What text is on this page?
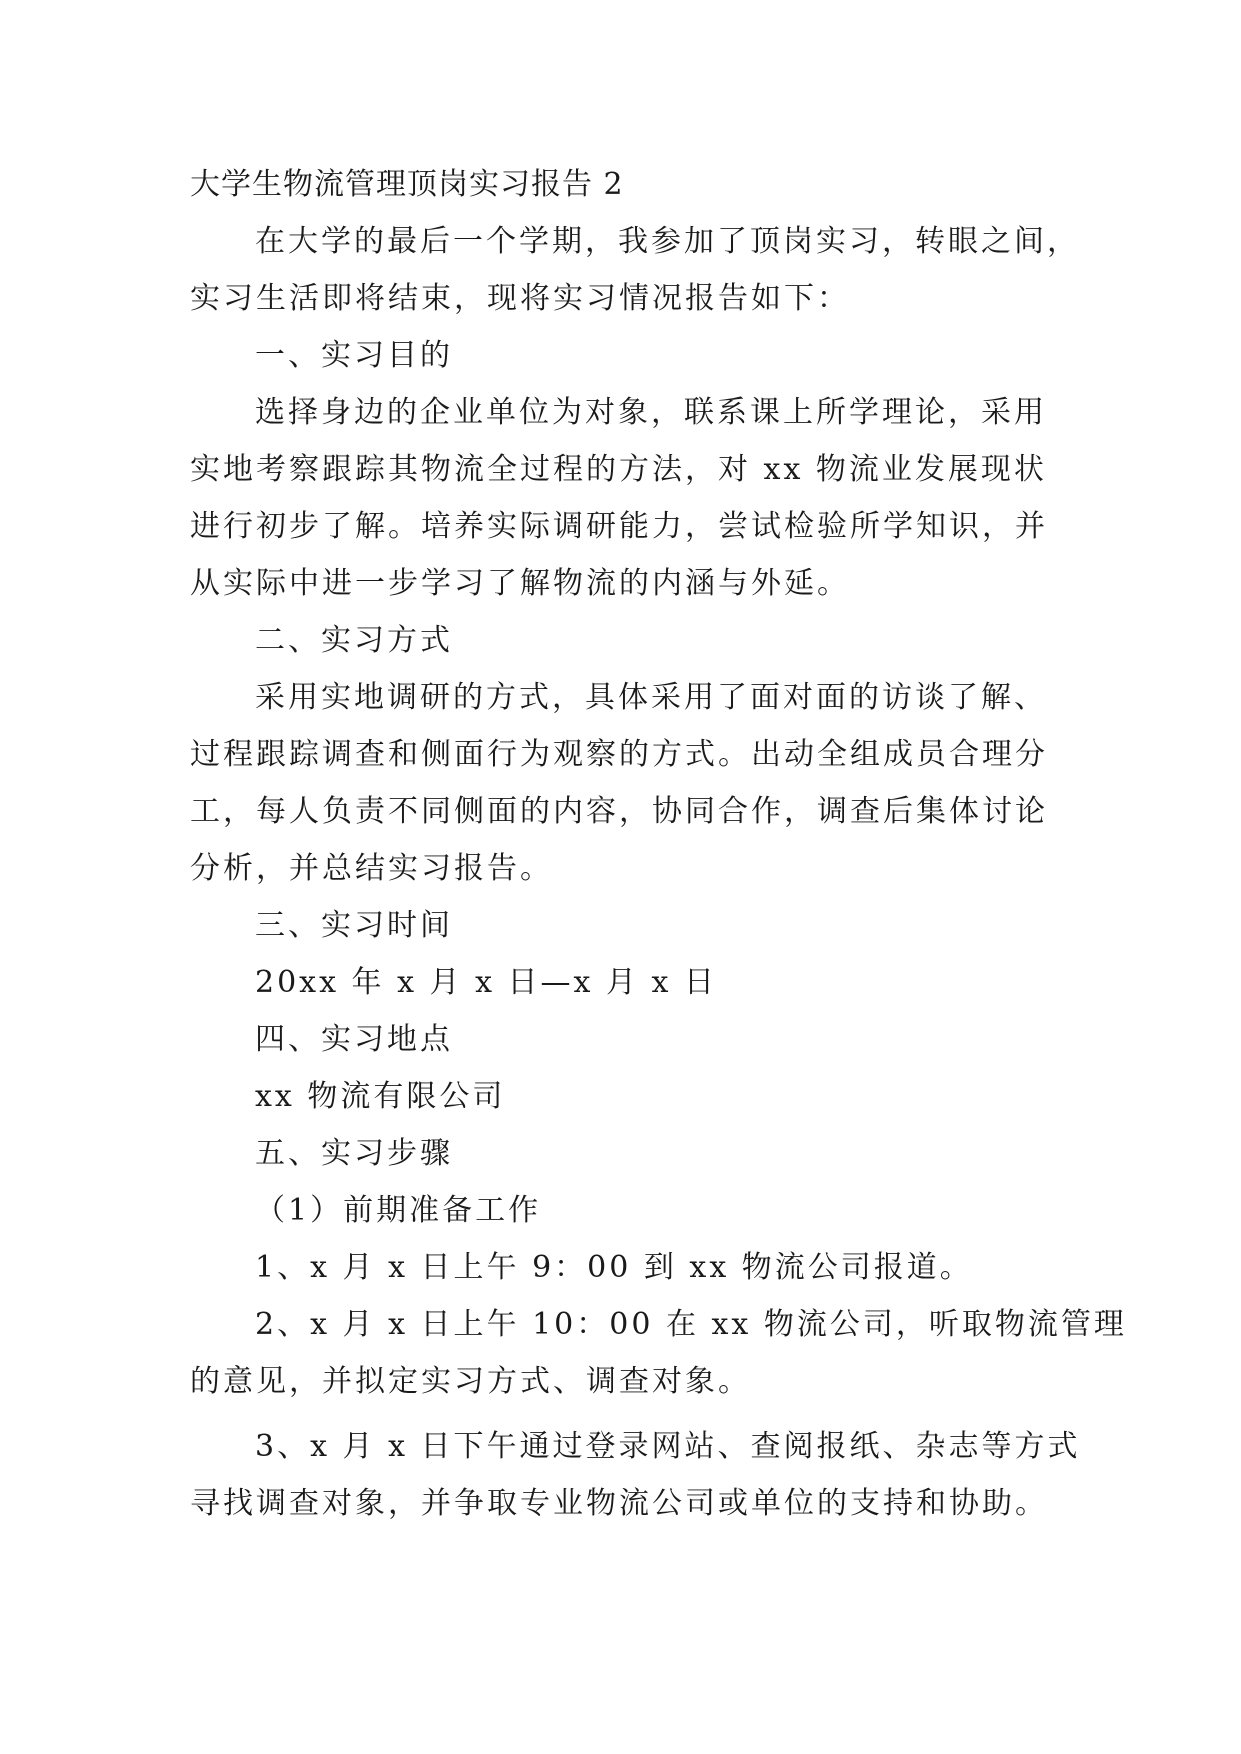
大学生物流管理顶岗实习报告 2
在大学的最后一个学期，我参加了顶岗实习，转眼之间，
实习生活即将结束，现将实习情况报告如下：
一、实习目的
选择身边的企业单位为对象，联系课上所学理论，采用
实地考察跟踪其物流全过程的方法，对 xx 物流业发展现状
进行初步了解。培养实际调研能力，尝试检验所学知识，并
从实际中进一步学习了解物流的内涵与外延。
二、实习方式
采用实地调研的方式，具体采用了面对面的访谈了解、
过程跟踪调查和侧面行为观察的方式。出动全组成员合理分
工，每人负责不同侧面的内容，协同合作，调查后集体讨论
分析，并总结实习报告。
三、实习时间
20xx 年 x 月 x 日—x 月 x 日
四、实习地点
xx 物流有限公司
五、实习步骤
（1）前期准备工作
1、x 月 x 日上午 9：00 到 xx 物流公司报道。
2、x 月 x 日上午 10：00 在 xx 物流公司，听取物流管理
的意见，并拟定实习方式、调查对象。
3、x 月 x 日下午通过登录网站、查阅报纸、杂志等方式
寻找调查对象，并争取专业物流公司或单位的支持和协助。
